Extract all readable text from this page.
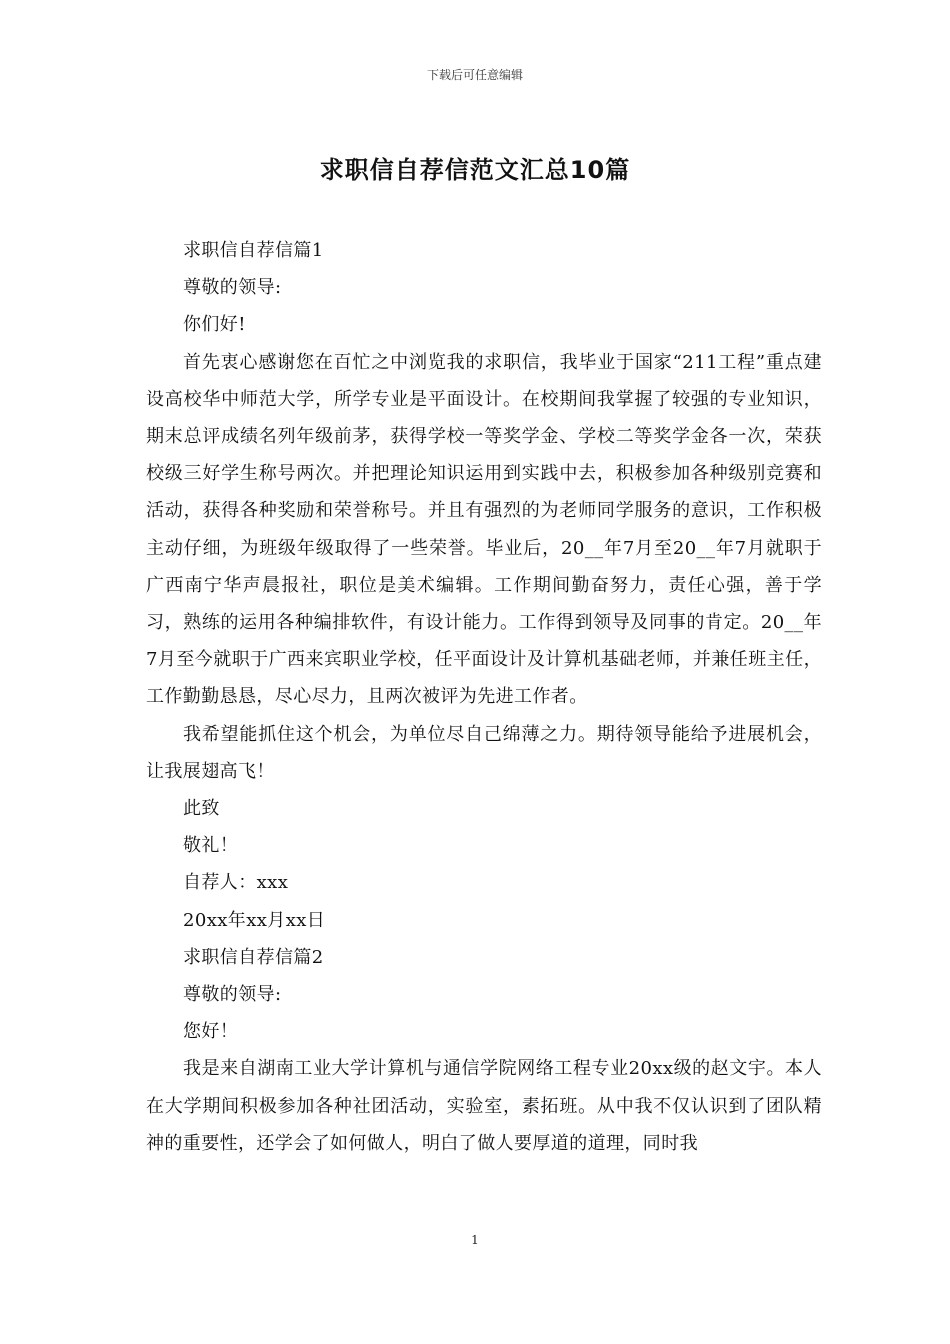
下载后可任意编辑
求职信自荐信范文汇总10篇

求职信自荐信篇1

尊敬的领导:

你们好!

首先衷心感谢您在百忙之中浏览我的求职信，我毕业于国家“211工程”重点建设高校华中师范大学，所学专业是平面设计。在校期间我掌握了较强的专业知识，期末总评成绩名列年级前茅，获得学校一等奖学金、学校二等奖学金各一次，荣获校级三好学生称号两次。并把理论知识运用到实践中去，积极参加各种级别竞赛和活动，获得各种奖励和荣誉称号。并且有强烈的为老师同学服务的意识，工作积极主动仔细，为班级年级取得了一些荣誉。毕业后，20__年7月至20__年7月就职于广西南宁华声晨报社，职位是美术编辑。工作期间勤奋努力，责任心强，善于学习，熟练的运用各种编排软件，有设计能力。工作得到领导及同事的肯定。20__年7月至今就职于广西来宾职业学校，任平面设计及计算机基础老师，并兼任班主任，工作勤勤恳恳，尽心尽力，且两次被评为先进工作者。

我希望能抓住这个机会，为单位尽自己绵薄之力。期待领导能给予进展机会，让我展翅高飞！

此致

敬礼！

自荐人：xxx

20xx年xx月xx日

求职信自荐信篇2

尊敬的领导:

您好！

我是来自湖南工业大学计算机与通信学院网络工程专业20xx级的赵文宇。本人在大学期间积极参加各种社团活动，实验室，素拓班。从中我不仅认识到了团队精神的重要性，还学会了如何做人，明白了做人要厚道的道理，同时我

1
